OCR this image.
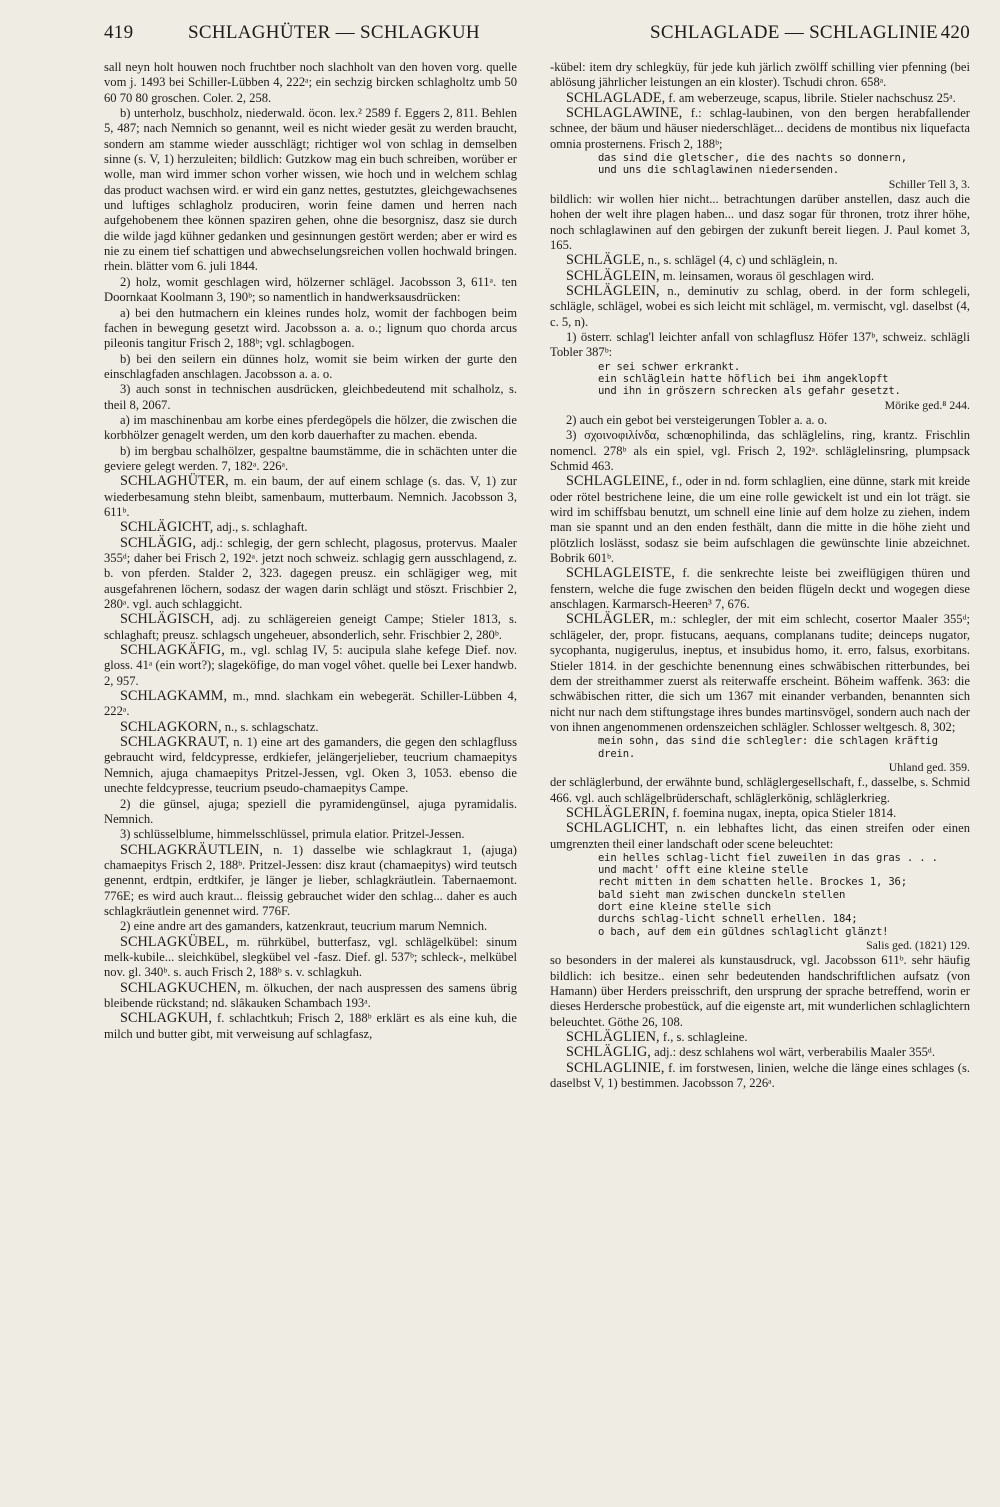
419	SCHLAGHÜTER — SCHLAGKUH	SCHLAGLADE — SCHLAGLINIE 420

sall neyn holt houwen noch fruchtber noch slachholt van den hoven vorg. quelle vom j. 1493 bei Schiller-Lübben 4, 222ᵃ; ein sechzig bircken schlagholtz umb 50 60 70 80 groschen. Coler. 2, 258.

b) unterholz, buschholz, niederwald. öcon. lex.² 2589 f. Eggers 2, 811. Behlen 5, 487; nach Nemnich so genannt, weil es nicht wieder gesät zu werden braucht, sondern am stamme wieder ausschlägt; richtiger wol von schlag in demselben sinne (s. V, 1) herzuleiten; bildlich: Gutzkow mag ein buch schreiben, worüber er wolle, man wird immer schon vorher wissen, wie hoch und in welchem schlag das product wachsen wird. er wird ein ganz nettes, gestutztes, gleichgewachsenes und luftiges schlagholz produciren, worin feine damen und herren nach aufgehobenem thee können spaziren gehen, ohne die besorgnisz, dasz sie durch die wilde jagd kühner gedanken und gesinnungen gestört werden; aber er wird es nie zu einem tief schattigen und abwechselungsreichen vollen hochwald bringen. rhein. blätter vom 6. juli 1844.

2) holz, womit geschlagen wird, hölzerner schlägel. Jacobsson 3, 611ᵃ. ten Doornkaat Koolmann 3, 190ᵇ; so namentlich in handwerksausdrücken:

a) bei den hutmachern ein kleines rundes holz, womit der fachbogen beim fachen in bewegung gesetzt wird. Jacobsson a. a. o.; lignum quo chorda arcus pileonis tangitur Frisch 2, 188ᵇ; vgl. schlagbogen.

b) bei den seilern ein dünnes holz, womit sie beim wirken der gurte den einschlagfaden anschlagen. Jacobsson a. a. o.

3) auch sonst in technischen ausdrücken, gleichbedeutend mit schalholz, s. theil 8, 2067.

a) im maschinenbau am korbe eines pferdegöpels die hölzer, die zwischen die korbhölzer genagelt werden, um den korb dauerhafter zu machen. ebenda.

b) im bergbau schalhölzer, gespaltne baumstämme, die in schächten unter die geviere gelegt werden. 7, 182ᵃ. 226ᵃ.

SCHLAGHÜTER, m. ein baum, der auf einem schlage (s. das. V, 1) zur wiederbesamung stehn bleibt, samenbaum, mutterbaum. Nemnich. Jacobsson 3, 611ᵇ.

SCHLÄGICHT, adj., s. schlaghaft.

SCHLÄGIG, adj.: schlegig, der gern schlecht, plagosus, protervus. Maaler 355ᵈ; daher bei Frisch 2, 192ᵃ. jetzt noch schweiz. schlagig gern ausschlagend, z. b. von pferden. Stalder 2, 323. dagegen preusz. ein schlägiger weg, mit ausgefahrenen löchern, sodasz der wagen darin schlägt und stöszt. Frischbier 2, 280ᵃ. vgl. auch schlaggicht.

SCHLÄGISCH, adj. zu schlägereien geneigt Campe; Stieler 1813, s. schlaghaft; preusz. schlagsch ungeheuer, absonderlich, sehr. Frischbier 2, 280ᵇ.

SCHLAGKÄFIG, m., vgl. schlag IV, 5: aucipula slahe kefege Dief. nov. gloss. 41ᵃ (ein wort?); slageköfige, do man vogel vôhet. quelle bei Lexer handwb. 2, 957.

SCHLAGKAMM, m., mnd. slachkam ein webegerät. Schiller-Lübben 4, 222ᵃ.

SCHLAGKORN, n., s. schlagschatz.

SCHLAGKRAUT, n. 1) eine art des gamanders, die gegen den schlagfluss gebraucht wird, feldcypresse, erdkiefer, jelängerjelieber, teucrium chamaepitys Nemnich, ajuga chamaepitys Pritzel-Jessen, vgl. Oken 3, 1053. ebenso die unechte feldcypresse, teucrium pseudo-chamaepitys Campe.

2) die günsel, ajuga; speziell die pyramidengünsel, ajuga pyramidalis. Nemnich.

3) schlüsselblume, himmelsschlüssel, primula elatior. Pritzel-Jessen.

SCHLAGKRÄUTLEIN, n. 1) dasselbe wie schlagkraut 1, (ajuga) chamaepitys Frisch 2, 188ᵇ. Pritzel-Jessen: disz kraut (chamaepitys) wird teutsch genennt, erdtpin, erdtkifer, je länger je lieber, schlagkräutlein. Tabernaemont. 776E; es wird auch kraut... fleissig gebrauchet wider den schlag... daher es auch schlagkräutlein genennet wird. 776F.

2) eine andre art des gamanders, katzenkraut, teucrium marum Nemnich.

SCHLAGKÜBEL, m. rührkübel, butterfasz, vgl. schlägelkübel: sinum melk-kubile... sleichkübel, slegkübel vel -fasz. Dief. gl. 537ᵇ; schleck-, melkübel nov. gl. 340ᵇ. s. auch Frisch 2, 188ᵇ s. v. schlagkuh.

SCHLAGKUCHEN, m. ölkuchen, der nach auspressen des samens übrig bleibende rückstand; nd. slâkauken Schambach 193ᵃ.

SCHLAGKUH, f. schlachtkuh; Frisch 2, 188ᵇ erklärt es als eine kuh, die milch und butter gibt, mit verweisung auf schlagfasz,

-kübel: item dry schlegküy, für jede kuh järlich zwölff schilling vier pfenning (bei ablösung jährlicher leistungen an ein kloster). Tschudi chron. 658ᵃ.

SCHLAGLADE, f. am weberzeuge, scapus, librile. Stieler nachschusz 25ᵃ.

SCHLAGLAWINE, f.: schlag-laubinen, von den bergen herabfallender schnee, der bäum und häuser niederschläget... decidens de montibus nix liquefacta omnia prosternens. Frisch 2, 188ᵇ;

das sind die gletscher, die des nachts so donnern,
und uns die schlaglawinen niedersenden.

Schiller Tell 3, 3.

bildlich: wir wollen hier nicht... betrachtungen darüber anstellen, dasz auch die hohen der welt ihre plagen haben... und dasz sogar für thronen, trotz ihrer höhe, noch schlaglawinen auf den gebirgen der zukunft bereit liegen. J. Paul komet 3, 165.

SCHLÄGLE, n., s. schlägel (4, c) und schläglein, n.

SCHLÄGLEIN, m. leinsamen, woraus öl geschlagen wird.

SCHLÄGLEIN, n., deminutiv zu schlag, oberd. in der form schlegeli, schlägle, schlägel, wobei es sich leicht mit schlägel, m. vermischt, vgl. daselbst (4, c. 5, n).

1) österr. schlag'l leichter anfall von schlagflusz Höfer 137ᵇ, schweiz. schlägli Tobler 387ᵇ:

er sei schwer erkrankt.
ein schläglein hatte höflich bei ihm angeklopft
und ihn in gröszern schrecken als gefahr gesetzt.

Mörike ged.⁸ 244.

2) auch ein gebot bei versteigerungen Tobler a. a. o.

3) σχοινοφιλίνδα, schœnophilinda, das schläglelins, ring, krantz. Frischlin nomencl. 278ᵇ als ein spiel, vgl. Frisch 2, 192ᵃ. schläglelinsring, plumpsack Schmid 463.

SCHLAGLEINE, f., oder in nd. form schlaglien, eine dünne, stark mit kreide oder rötel bestrichene leine, die um eine rolle gewickelt ist und ein lot trägt. sie wird im schiffsbau benutzt, um schnell eine linie auf dem holze zu ziehen, indem man sie spannt und an den enden festhält, dann die mitte in die höhe zieht und plötzlich loslässt, sodasz sie beim aufschlagen die gewünschte linie abzeichnet. Bobrik 601ᵇ.

SCHLAGLEISTE, f. die senkrechte leiste bei zweiflügigen thüren und fenstern, welche die fuge zwischen den beiden flügeln deckt und wogegen diese anschlagen. Karmarsch-Heeren³ 7, 676.

SCHLÄGLER, m.: schlegler, der mit eim schlecht, cosertor Maaler 355ᵈ; schlägeler, der, propr. fistucans, aequans, complanans tudite; deinceps nugator, sycophanta, nugigerulus, ineptus, et insubidus homo, it. erro, falsus, exorbitans. Stieler 1814. in der geschichte benennung eines schwäbischen ritterbundes, bei dem der streithammer zuerst als reiterwaffe erscheint. Böheim waffenk. 363: die schwäbischen ritter, die sich um 1367 mit einander verbanden, benannten sich nicht nur nach dem stiftungstage ihres bundes martinsvögel, sondern auch nach der von ihnen angenommenen ordenszeichen schlägler. Schlosser weltgesch. 8, 302;

mein sohn, das sind die schlegler: die schlagen kräftig drein.

Uhland ged. 359.

der schläglerbund, der erwähnte bund, schläglergesellschaft, f., dasselbe, s. Schmid 466. vgl. auch schlägelbrüderschaft, schläglerkönig, schläglerkrieg.

SCHLÄGLERIN, f. foemina nugax, inepta, opica Stieler 1814.

SCHLAGLICHT, n. ein lebhaftes licht, das einen streifen oder einen umgrenzten theil einer landschaft oder scene beleuchtet:

ein helles schlag-licht fiel zuweilen in das gras . . .
und macht' offt eine kleine stelle
recht mitten in dem schatten helle. Brockes 1, 36;
bald sieht man zwischen dunckeln stellen
dort eine kleine stelle sich
durchs schlag-licht schnell erhellen. 184;
o bach, auf dem ein güldnes schlaglicht glänzt!

Salis ged. (1821) 129.

so besonders in der malerei als kunstausdruck, vgl. Jacobsson 611ᵇ. sehr häufig bildlich: ich besitze.. einen sehr bedeutenden handschriftlichen aufsatz (von Hamann) über Herders preisschrift, den ursprung der sprache betreffend, worin er dieses Herdersche probestück, auf die eigenste art, mit wunderlichen schlaglichtern beleuchtet. Göthe 26, 108.

SCHLÄGLIEN, f., s. schlagleine.

SCHLÄGLIG, adj.: desz schlahens wol wärt, verberabilis Maaler 355ᵈ.

SCHLAGLINIE, f. im forstwesen, linien, welche die länge eines schlages (s. daselbst V, 1) bestimmen. Jacobsson 7, 226ᵃ.
